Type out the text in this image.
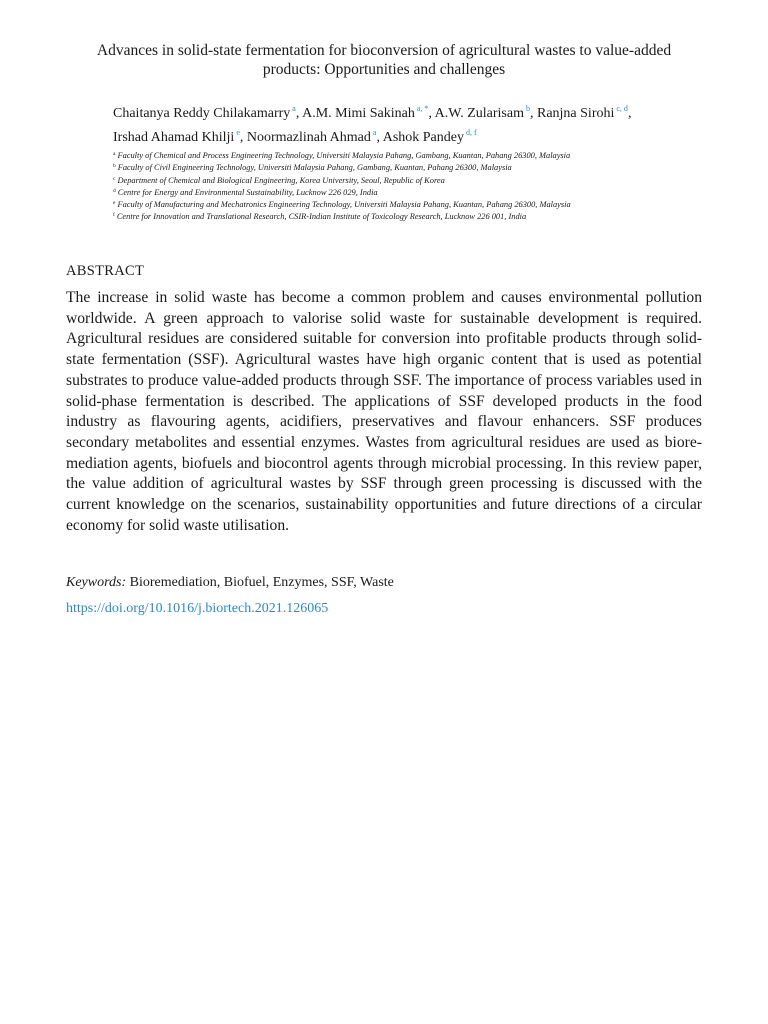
Advances in solid-state fermentation for bioconversion of agricultural wastes to value-added
products: Opportunities and challenges
Chaitanya Reddy Chilakamarry $^a$, A.M. Mimi Sakinah $^{a, *}$, A.W. Zularisam $^b$, Ranjna Sirohi $^{c, d}$,
Irshad Ahamad Khilji $^e$, Noormazlinah Ahmad $^a$, Ashok Pandey $^{d, f}$
$^a$ Faculty of Chemical and Process Engineering Technology, Universiti Malaysia Pahang, Gambang, Kuantan, Pahang 26300, Malaysia
$^b$ Faculty of Civil Engineering Technology, Universiti Malaysia Pahang, Gambang, Kuantan, Pahang 26300, Malaysia
$^c$ Department of Chemical and Biological Engineering, Korea University, Seoul, Republic of Korea
$^d$ Centre for Energy and Environmental Sustainability, Lucknow 226 029, India
$^e$ Faculty of Manufacturing and Mechatronics Engineering Technology, Universiti Malaysia Pahang, Kuantan, Pahang 26300, Malaysia
$^f$ Centre for Innovation and Translational Research, CSIR-Indian Institute of Toxicology Research, Lucknow 226 001, India
ABSTRACT

The increase in solid waste has become a common problem and causes environmental pollution worldwide. A green approach to valorise solid waste for sustainable development is required. Agricultural residues are considered suitable for conversion into profitable products through solid-state fermentation (SSF). Agricultural wastes have high organic content that is used as potential substrates to produce value-added products through SSF. The importance of process variables used in solid-phase fermentation is described. The applications of SSF developed products in the food industry as flavouring agents, acidifiers, preservatives and flavour enhancers. SSF produces secondary metabolites and essential enzymes. Wastes from agricultural residues are used as biore-mediation agents, biofuels and biocontrol agents through microbial processing. In this review paper, the value addition of agricultural wastes by SSF through green processing is discussed with the current knowledge on the scenarios, sustainability opportunities and future directions of a circular economy for solid waste utilisation.

Keywords: Bioremediation, Biofuel, Enzymes, SSF, Waste
https://doi.org/10.1016/j.biortech.2021.126065
